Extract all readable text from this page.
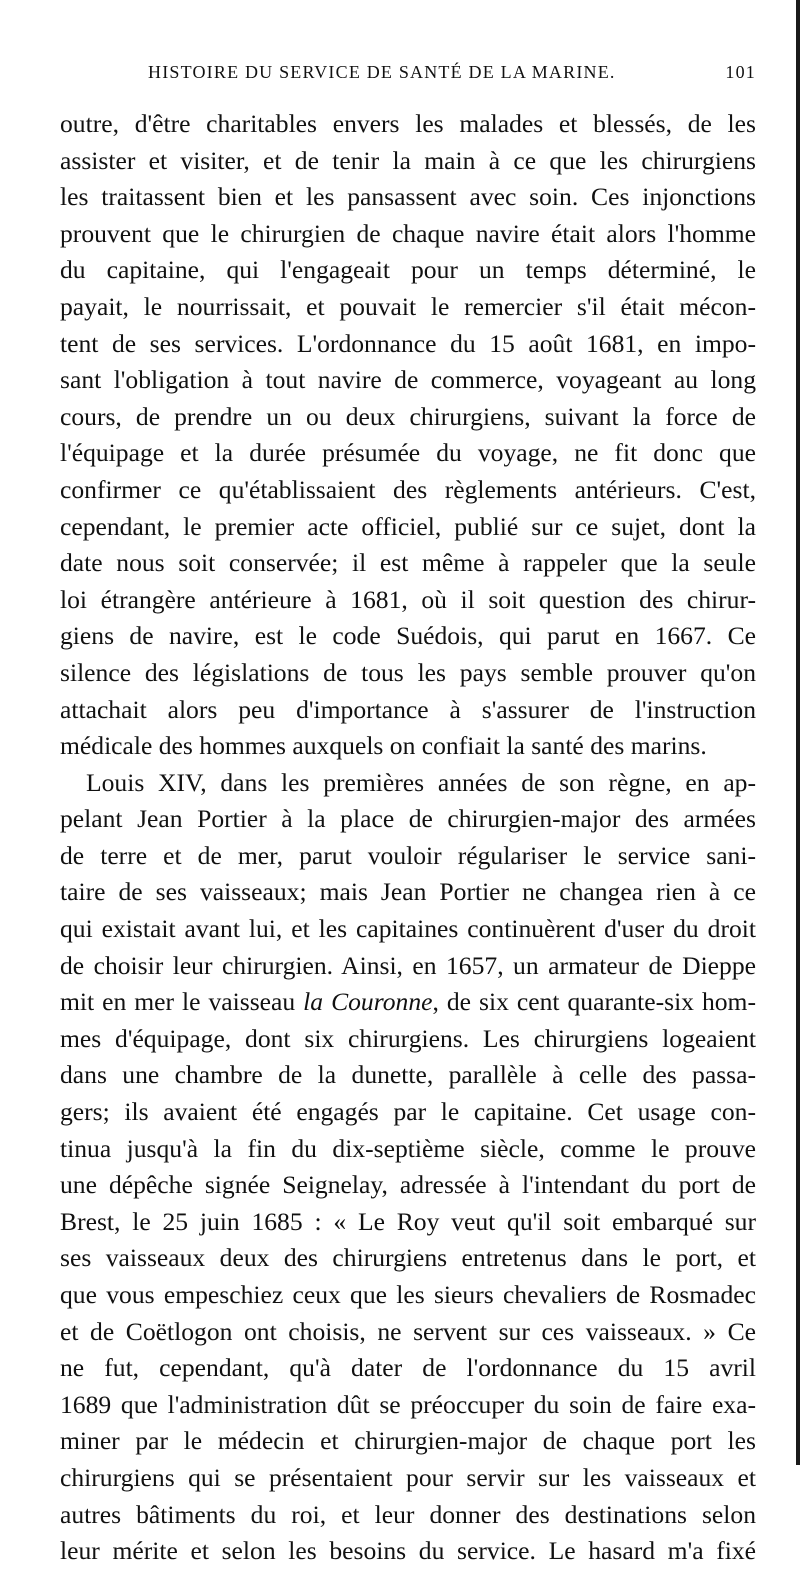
HISTOIRE DU SERVICE DE SANTÉ DE LA MARINE.	101
outre, d'être charitables envers les malades et blessés, de les
assister et visiter, et de tenir la main à ce que les chirurgiens
les traitassent bien et les pansassent avec soin. Ces injonctions
prouvent que le chirurgien de chaque navire était alors l'homme
du capitaine, qui l'engageait pour un temps déterminé, le
payait, le nourrissait, et pouvait le remercier s'il était mécon-
tent de ses services. L'ordonnance du 15 août 1681, en impo-
sant l'obligation à tout navire de commerce, voyageant au long
cours, de prendre un ou deux chirurgiens, suivant la force de
l'équipage et la durée présumée du voyage, ne fit donc que
confirmer ce qu'établissaient des règlements antérieurs. C'est,
cependant, le premier acte officiel, publié sur ce sujet, dont la
date nous soit conservée; il est même à rappeler que la seule
loi étrangère antérieure à 1681, où il soit question des chirur-
giens de navire, est le code Suédois, qui parut en 1667. Ce
silence des législations de tous les pays semble prouver qu'on
attachait alors peu d'importance à s'assurer de l'instruction
médicale des hommes auxquels on confiait la santé des marins.
Louis XIV, dans les premières années de son règne, en ap-
pelant Jean Portier à la place de chirurgien-major des armées
de terre et de mer, parut vouloir régulariser le service sani-
taire de ses vaisseaux; mais Jean Portier ne changea rien à ce
qui existait avant lui, et les capitaines continuèrent d'user du droit
de choisir leur chirurgien. Ainsi, en 1657, un armateur de Dieppe
mit en mer le vaisseau la Couronne, de six cent quarante-six hom-
mes d'équipage, dont six chirurgiens. Les chirurgiens logeaient
dans une chambre de la dunette, parallèle à celle des passa-
gers; ils avaient été engagés par le capitaine. Cet usage con-
tinua jusqu'à la fin du dix-septième siècle, comme le prouve
une dépêche signée Seignelay, adressée à l'intendant du port de
Brest, le 25 juin 1685 : « Le Roy veut qu'il soit embarqué sur
ses vaisseaux deux des chirurgiens entretenus dans le port, et
que vous empeschiez ceux que les sieurs chevaliers de Rosmadec
et de Coëtlogon ont choisis, ne servent sur ces vaisseaux. » Ce
ne fut, cependant, qu'à dater de l'ordonnance du 15 avril
1689 que l'administration dût se préoccuper du soin de faire exa-
miner par le médecin et chirurgien-major de chaque port les
chirurgiens qui se présentaient pour servir sur les vaisseaux et
autres bâtiments du roi, et leur donner des destinations selon
leur mérite et selon les besoins du service. Le hasard m'a fixé
